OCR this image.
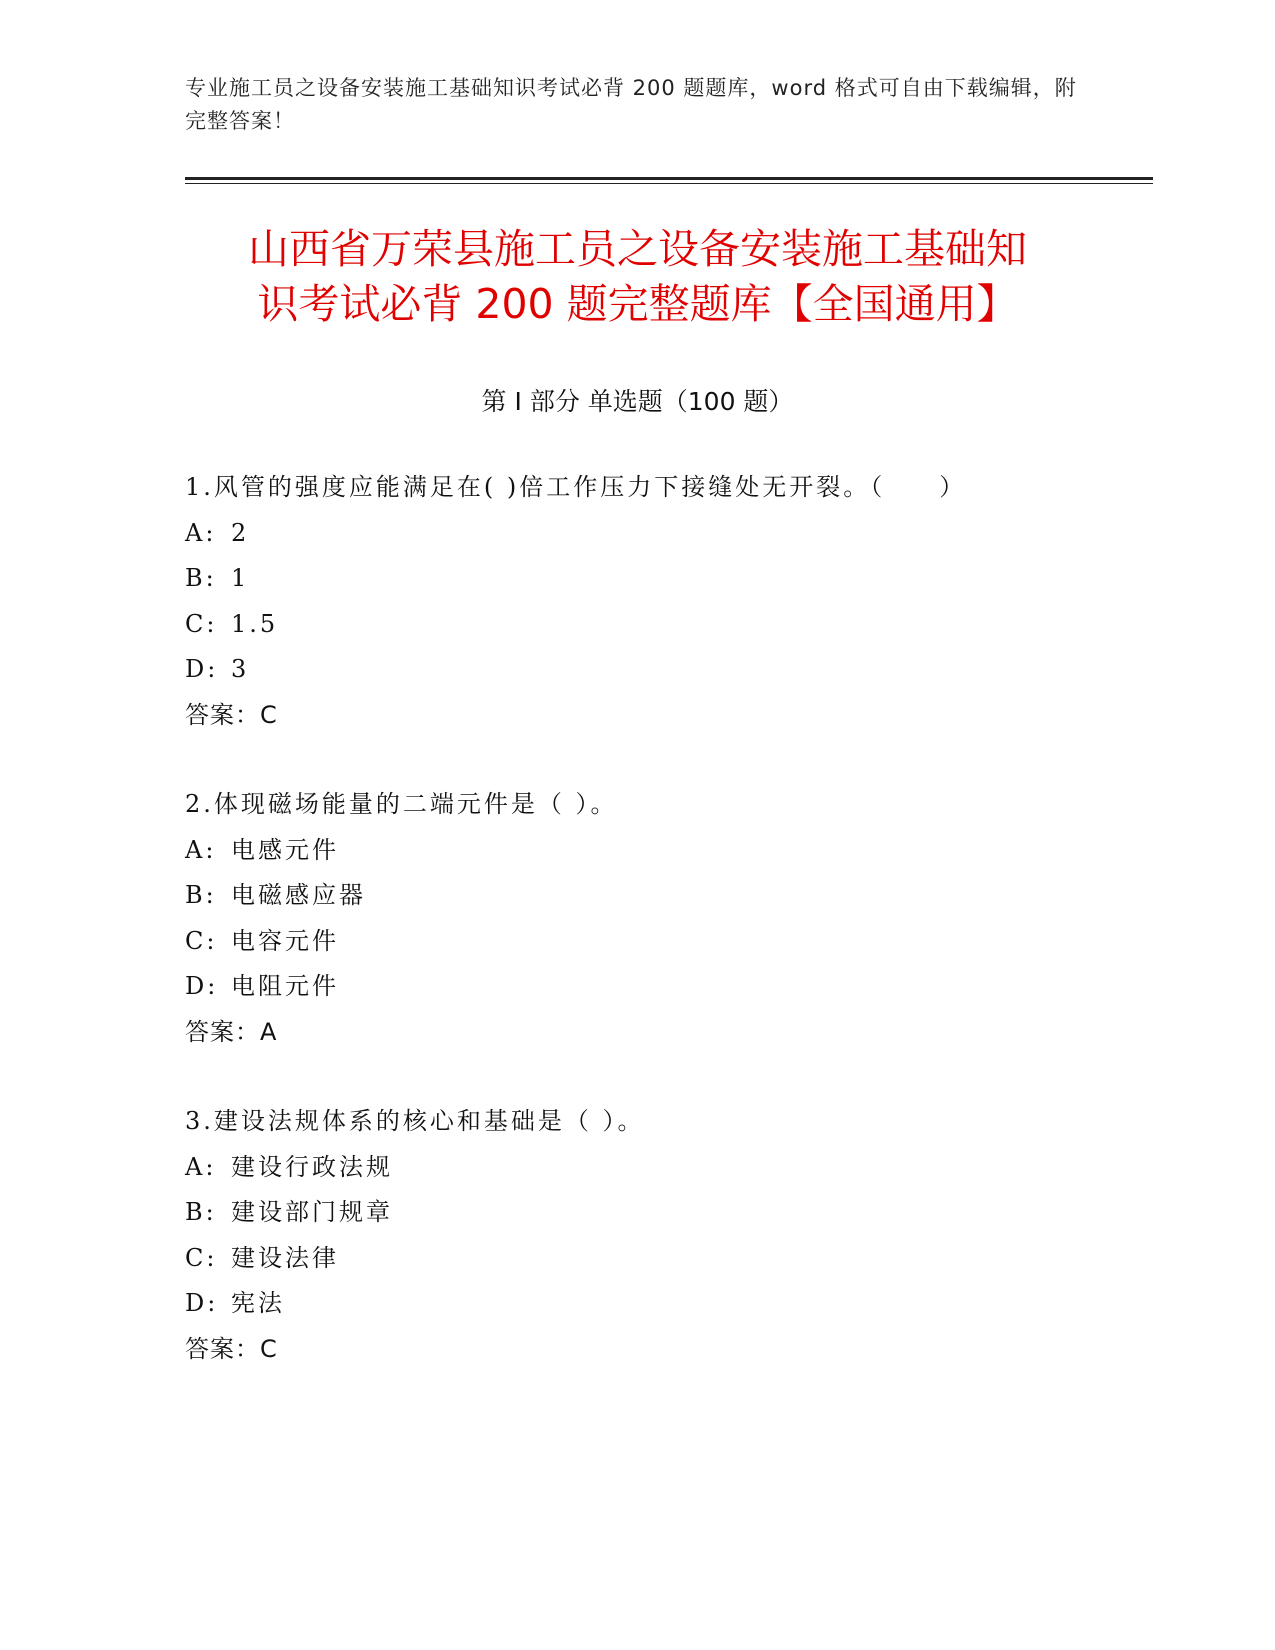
专业施工员之设备安装施工基础知识考试必背 200 题题库，word 格式可自由下载编辑，附完整答案！
山西省万荣县施工员之设备安装施工基础知
识考试必背 200 题完整题库【全国通用】
第 I 部分 单选题（100 题）
1.风管的强度应能满足在( )倍工作压力下接缝处无开裂。（　　）
A: 2
B: 1
C: 1.5
D: 3
答案：C
2.体现磁场能量的二端元件是（ ）。
A: 电感元件
B: 电磁感应器
C: 电容元件
D: 电阻元件
答案：A
3.建设法规体系的核心和基础是（ ）。
A: 建设行政法规
B: 建设部门规章
C: 建设法律
D: 宪法
答案：C
